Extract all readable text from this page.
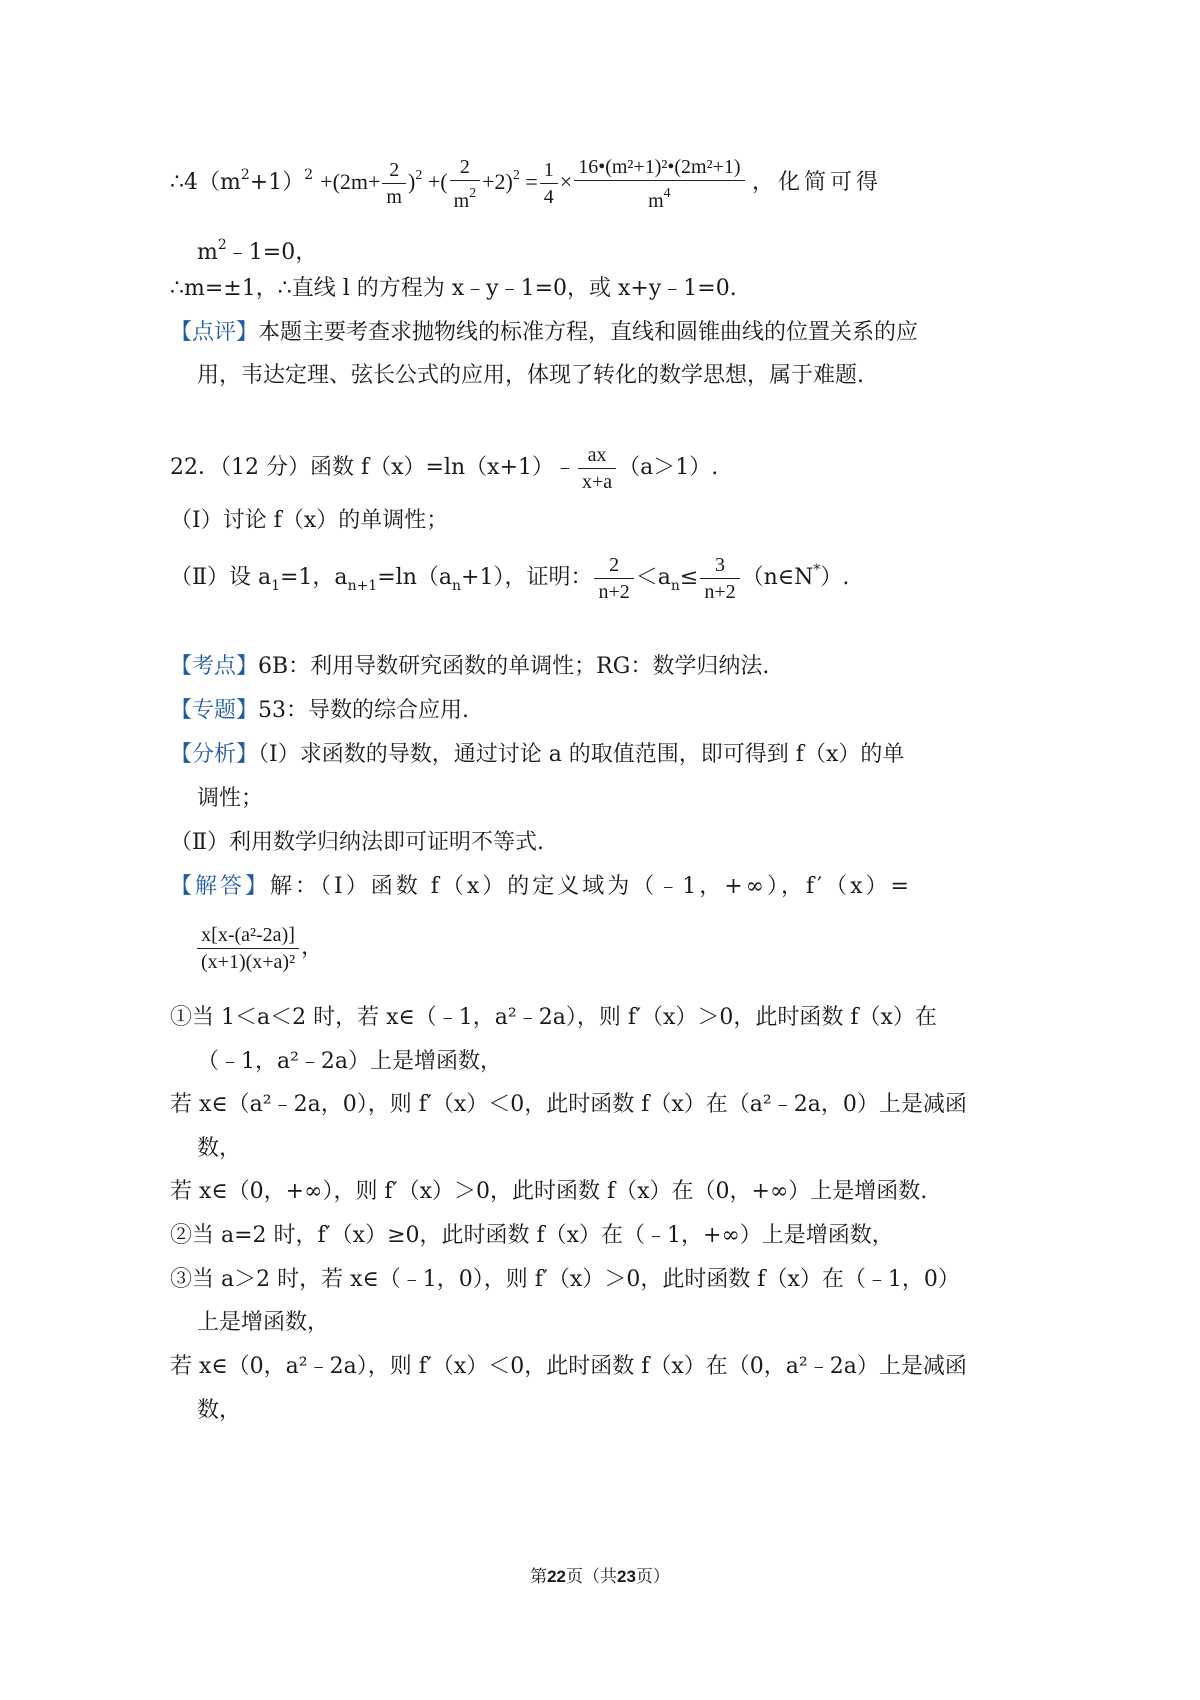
$\therefore 4(m^2+1)^2 +(2m+ \frac{2}{m} )^2$ +( $\frac{2}{m^2} +2)^2 = \frac{1}{4} \times \frac{\text{16•(m²+1)²•(2m²+1)}}{m^4}$ ，化简可得
$m^2﹣1=0$，
∴m=±1，∴直线 l 的方程为 x﹣y﹣1=0，或 x+y﹣1=0.
【点评】本题主要考查求抛物线的标准方程，直线和圆锥曲线的位置关系的应
用，韦达定理、弦长公式的应用，体现了转化的数学思想，属于难题.
22．（12 分）函数 f（x）=ln（x+1）﹣ $\frac{ax}{x+a} (a>1)$.
（Ⅰ）讨论 f（x）的单调性；
（Ⅱ）设 $a_1=1$，$a_{n+1}=\ln(a_n+1)$，证明： $\frac{2}{n+2} <a_n\le \frac{3}{n+2}$ （n∈N*）.
【考点】6B：利用导数研究函数的单调性；RG：数学归纳法.
【专题】53：导数的综合应用.
【分析】（Ⅰ）求函数的导数，通过讨论 a 的取值范围，即可得到 f（x）的单
调性；
（Ⅱ）利用数学归纳法即可证明不等式.
【解答】解：（Ⅰ）函数 f（x）的定义域为（﹣1，+∞），f′（x）=
$\frac{\text{x[x-(a²-2a)]}}{\text{(x+1)(x+a)²}}$ ，
①当 1＜a＜2 时，若 x∈（﹣1，a²﹣2a），则 f′（x）＞0，此时函数 f（x）在
（﹣1，a²﹣2a）上是增函数，
若 x∈（a²﹣2a，0），则 f′（x）＜0，此时函数 f（x）在（a²﹣2a，0）上是减函
数，
若 x∈（0，+∞），则 f′（x）＞0，此时函数 f（x）在（0，+∞）上是增函数.
②当 a=2 时，f′（x）≥0，此时函数 f（x）在（﹣1，+∞）上是增函数，
③当 a＞2 时，若 x∈（﹣1，0），则 f′（x）＞0，此时函数 f（x）在（﹣1，0）
上是增函数，
若 x∈（0，a²﹣2a），则 f′（x）＜0，此时函数 f（x）在（0，a²﹣2a）上是减函
数，
第22页（共23页）
